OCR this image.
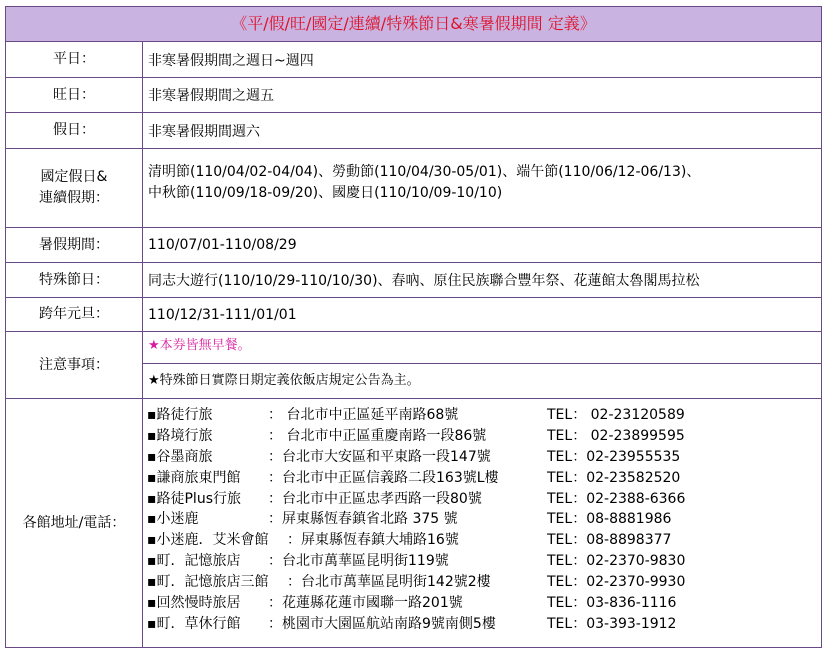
《平/假/旺/國定/連續/特殊節日&寒暑假期間 定義》
平日：	非寒暑假期間之週日~週四
旺日：	非寒暑假期間之週五
假日：	非寒暑假期間週六
國定假日&
連續假期：
清明節(110/04/02-04/04)、勞動節(110/04/30-05/01)、端午節(110/06/12-06/13)、
中秋節(110/09/18-09/20)、國慶日(110/10/09-10/10)
暑假期間：	110/07/01-110/08/29
特殊節日：	同志大遊行(110/10/29-110/10/30)、春吶、原住民族聯合豐年祭、花蓮館太魯閣馬拉松
跨年元旦：	110/12/31-111/01/01
注意事項：
★本券皆無早餐。
★特殊節日實際日期定義依飯店規定公告為主。
各館地址/電話：
▪路徒行旅	： 台北市中正區延平南路68號	TEL： 02-23120589
▪路境行旅	： 台北市中正區重慶南路一段86號	TEL： 02-23899595
▪谷墨商旅	：台北市大安區和平東路一段147號	TEL：02-23955535
▪謙商旅東門館 ：台北市中正區信義路二段163號L樓	TEL：02-23582520
▪路徒Plus行旅 ：台北市中正區忠孝西路一段80號	TEL：02-2388-6366
▪小迷鹿	：屏東縣恆春鎮省北路 375 號	TEL：08-8881986
▪小迷鹿．艾米會館 ：屏東縣恆春鎮大埔路16號	TEL：08-8898377
▪町．記憶旅店 ：台北市萬華區昆明街119號	TEL：02-2370-9830
▪町．記憶旅店三館 ：台北市萬華區昆明街142號2樓	TEL：02-2370-9930
▪回然慢時旅居 ：花蓮縣花蓮市國聯一路201號	TEL：03-836-1116
▪町．草休行館 ：桃園市大園區航站南路9號南側5樓	TEL：03-393-1912
